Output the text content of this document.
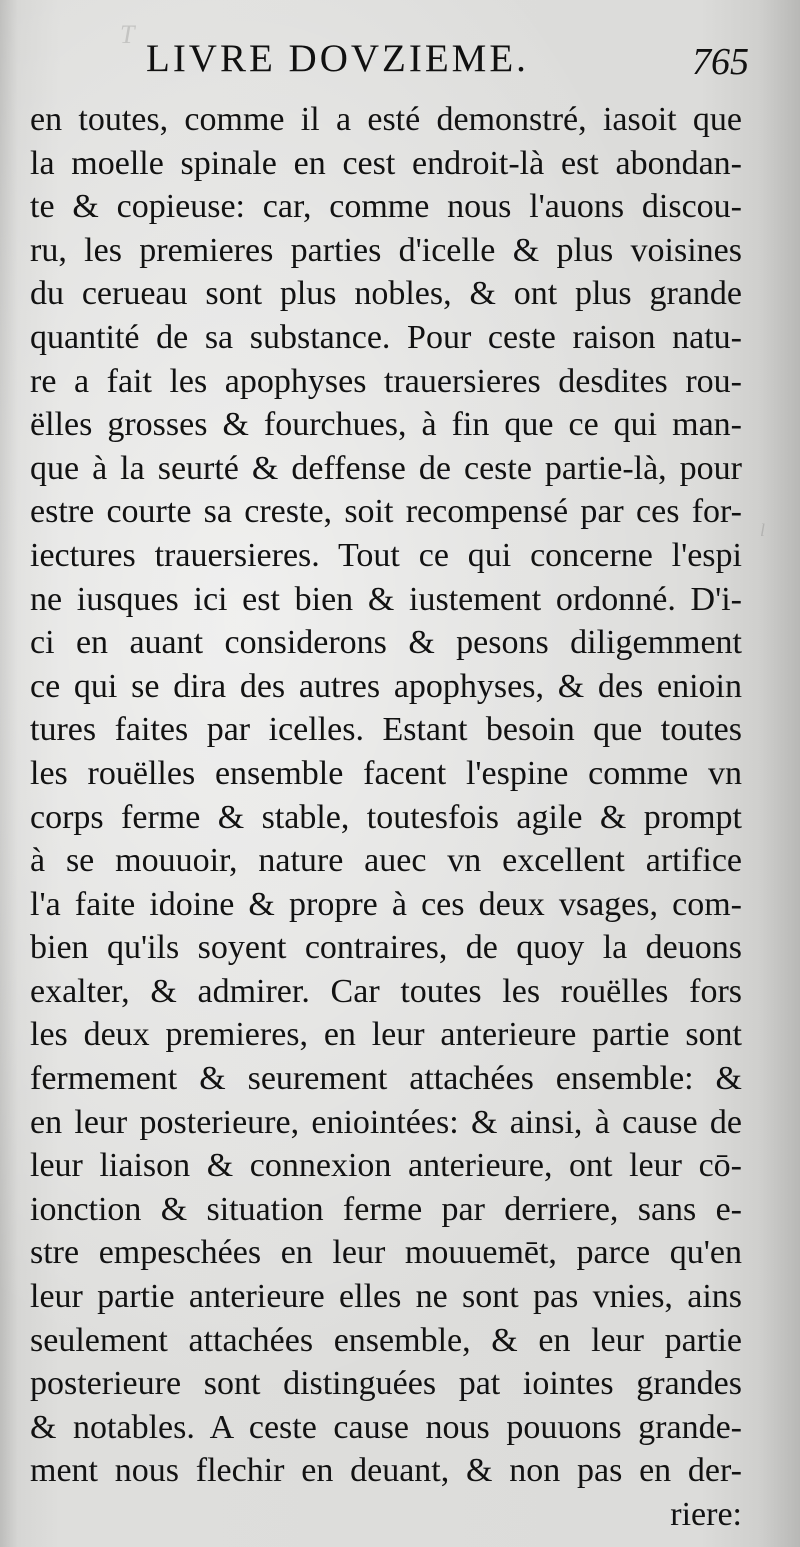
T
l
LIVRE DOVZIEME.	765
en toutes, comme il a esté demonstré, iasoit que
la moelle spinale en cest endroit-là est abondan-
te & copieuse: car, comme nous l'auons discou-
ru, les premieres parties d'icelle & plus voisines
du cerueau sont plus nobles, & ont plus grande
quantité de sa substance. Pour ceste raison natu-
re a fait les apophyses trauersieres desdites rou-
ëlles grosses & fourchues, à fin que ce qui man-
que à la seurté & deffense de ceste partie-là, pour
estre courte sa creste, soit recompensé par ces for-
iectures trauersieres. Tout ce qui concerne l'espi
ne iusques ici est bien & iustement ordonné. D'i-
ci en auant considerons & pesons diligemment
ce qui se dira des autres apophyses, & des enioin
tures faites par icelles. Estant besoin que toutes
les rouëlles ensemble facent l'espine comme vn
corps ferme & stable, toutesfois agile & prompt
à se mouuoir, nature auec vn excellent artifice
l'a faite idoine & propre à ces deux vsages, com-
bien qu'ils soyent contraires, de quoy la deuons
exalter, & admirer. Car toutes les rouëlles fors
les deux premieres, en leur anterieure partie sont
fermement & seurement attachées ensemble: &
en leur posterieure, eniointées: & ainsi, à cause de
leur liaison & connexion anterieure, ont leur cō-
ionction & situation ferme par derriere, sans e-
stre empeschées en leur mouuemēt, parce qu'en
leur partie anterieure elles ne sont pas vnies, ains
seulement attachées ensemble, & en leur partie
posterieure sont distinguées pat iointes grandes
& notables. A ceste cause nous pouuons grande-
ment nous flechir en deuant, & non pas en der-
riere:
